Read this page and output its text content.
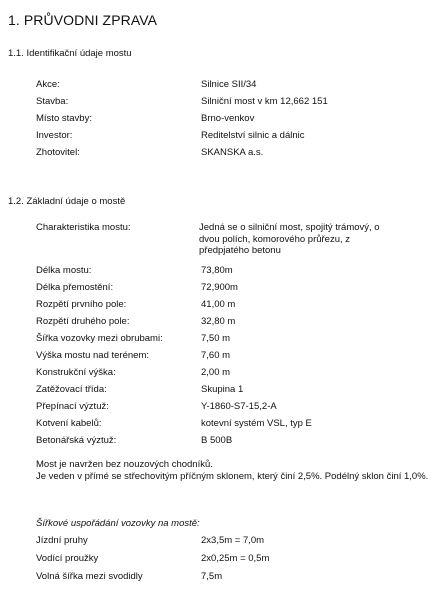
1. PRŮVODNI ZPRAVA
1.1. Identifikační údaje mostu
Akce:	Silnice SII/34
Stavba:	Silniční most v km 12,662 151
Místo stavby:	Brno-venkov
Investor:	Reditelství silnic a dálnic
Zhotovitel:	SKANSKA a.s.
1.2. Základní údaje o mostě
Charakteristika mostu:	Jedná se o silniční most, spojitý trámový, o dvou polích, komorového průřezu, z předpjatého betonu
Délka mostu:	73,80m
Délka přemostění:	72,900m
Rozpětí prvního pole:	41,00 m
Rozpětí druhého pole:	32,80 m
Šířka vozovky mezi obrubami:	7,50 m
Výška mostu nad terénem:	7,60 m
Konstrukční výška:	2,00 m
Zatěžovací třída:	Skupina 1
Přepínací výztuž:	Y-1860-S7-15,2-A
Kotvení kabelů:	kotevní systém VSL, typ E
Betonářská výztuž:	B 500B
Most je navržen bez nouzových chodníků.
Je veden v přímé se střechovitým příčným sklonem, který činí 2,5%. Podélný sklon činí 1,0%.
Šířkové uspořádání vozovky na mostě:
Jízdní pruhy	2x3,5m = 7,0m
Vodící proužky	2x0,25m = 0,5m
Volná šířka mezi svodidly	7,5m
